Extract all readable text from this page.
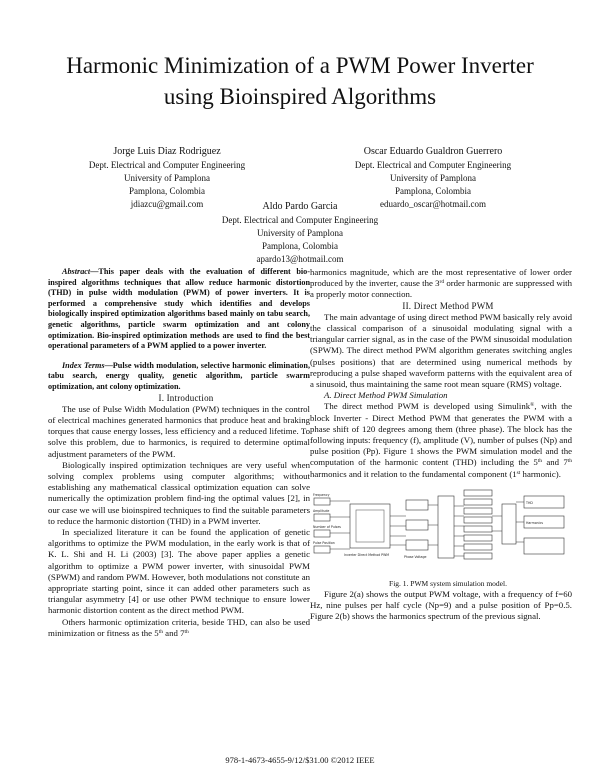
Harmonic Minimization of a PWM Power Inverter using Bioinspired Algorithms
Jorge Luis Diaz Rodriguez
Dept. Electrical and Computer Engineering
University of Pamplona
Pamplona, Colombia
jdiazcu@gmail.com
Oscar Eduardo Gualdron Guerrero
Dept. Electrical and Computer Engineering
University of Pamplona
Pamplona, Colombia
eduardo_oscar@hotmail.com
Aldo Pardo Garcia
Dept. Electrical and Computer Engineering
University of Pamplona
Pamplona, Colombia
apardo13@hotmail.com

Abstract—This paper deals with the evaluation of different bio-inspired algorithms techniques that allow reduce harmonic distortion (THD) in pulse width modulation (PWM) of power inverters. It is performed a comprehensive study which identifies and develops biologically inspired optimization algorithms based mainly on tabu search, genetic algorithms, particle swarm optimization and ant colony optimization. Bio-inspired optimization methods are used to find the best operational parameters of a PWM applied to a power inverter.

Index Terms—Pulse width modulation, selective harmonic elimination, tabu search, energy quality, genetic algorithm, particle swarm optimization, ant colony optimization.

I. Introduction

The use of Pulse Width Modulation (PWM) techniques in the control of electrical machines generated harmonics that produce heat and braking torques that cause energy losses, less efficiency and a reduced lifetime. To solve this problem, due to harmonics, is required to determine optimal adjustment parameters of the PWM.

Biologically inspired optimization techniques are very useful when solving complex problems using computer algorithms; without establishing any mathematical classical optimization equation can solve numerically the optimization problem find-ing the optimal values [2], in our case we will use bioinspired techniques to find the suitable parameters to reduce the harmonic distortion (THD) in a PWM inverter.

In specialized literature it can be found the application of genetic algorithms to optimize the PWM modulation, in the early work is that of K. L. Shi and H. Li (2003) [3]. The above paper applies a genetic algorithm to optimize a PWM power inverter, with sinusoidal PWM (SPWM) and random PWM. However, both modulations not constitute an appropriate starting point, since it can added other parameters such as triangular asymmetry [4] or use other PWM technique to ensure lower harmonic distortion content as the direct method PWM.

Others harmonic optimization criteria, beside THD, can also be used minimization or fitness as the 5th and 7th

harmonics magnitude, which are the most representative of lower order produced by the inverter, cause the 3rd order harmonic are suppressed with a properly motor connection.

II. Direct Method PWM

The main advantage of using direct method PWM basically rely avoid the classical comparison of a sinusoidal modulating signal with a triangular carrier signal, as in the case of the PWM sinusoidal modulation (SPWM). The direct method PWM algorithm generates switching angles (pulses positions) that are determined using numerical methods by reproducing a pulse shaped waveform patterns with the equivalent area of a sinusoid, thus maintaining the same root mean square (RMS) voltage.

A. Direct Method PWM Simulation

The direct method PWM is developed using Simulink®, with the block Inverter - Direct Method PWM that generates the PWM with a phase shift of 120 degrees among them (three phase). The block has the following inputs: frequency (f), amplitude (V), number of pulses (Np) and pulse position (Pp). Figure 1 shows the PWM simulation model and the computation of the harmonic content (THD) including the 5th and 7th harmonics and it relation to the fundamental component (1st harmonic).

Frequency
Amplitude
Number of Pulses
Pulse Position
Inverter Direct Method PWM	Phase Voltage
THD
Harmonics

Fig. 1. PWM system simulation model.

Figure 2(a) shows the output PWM voltage, with a frequency of f=60 Hz, nine pulses per half cycle (Np=9) and a pulse position of Pp=0.5. Figure 2(b) shows the harmonics spectrum of the previous signal.

978-1-4673-4655-9/12/$31.00 ©2012 IEEE
